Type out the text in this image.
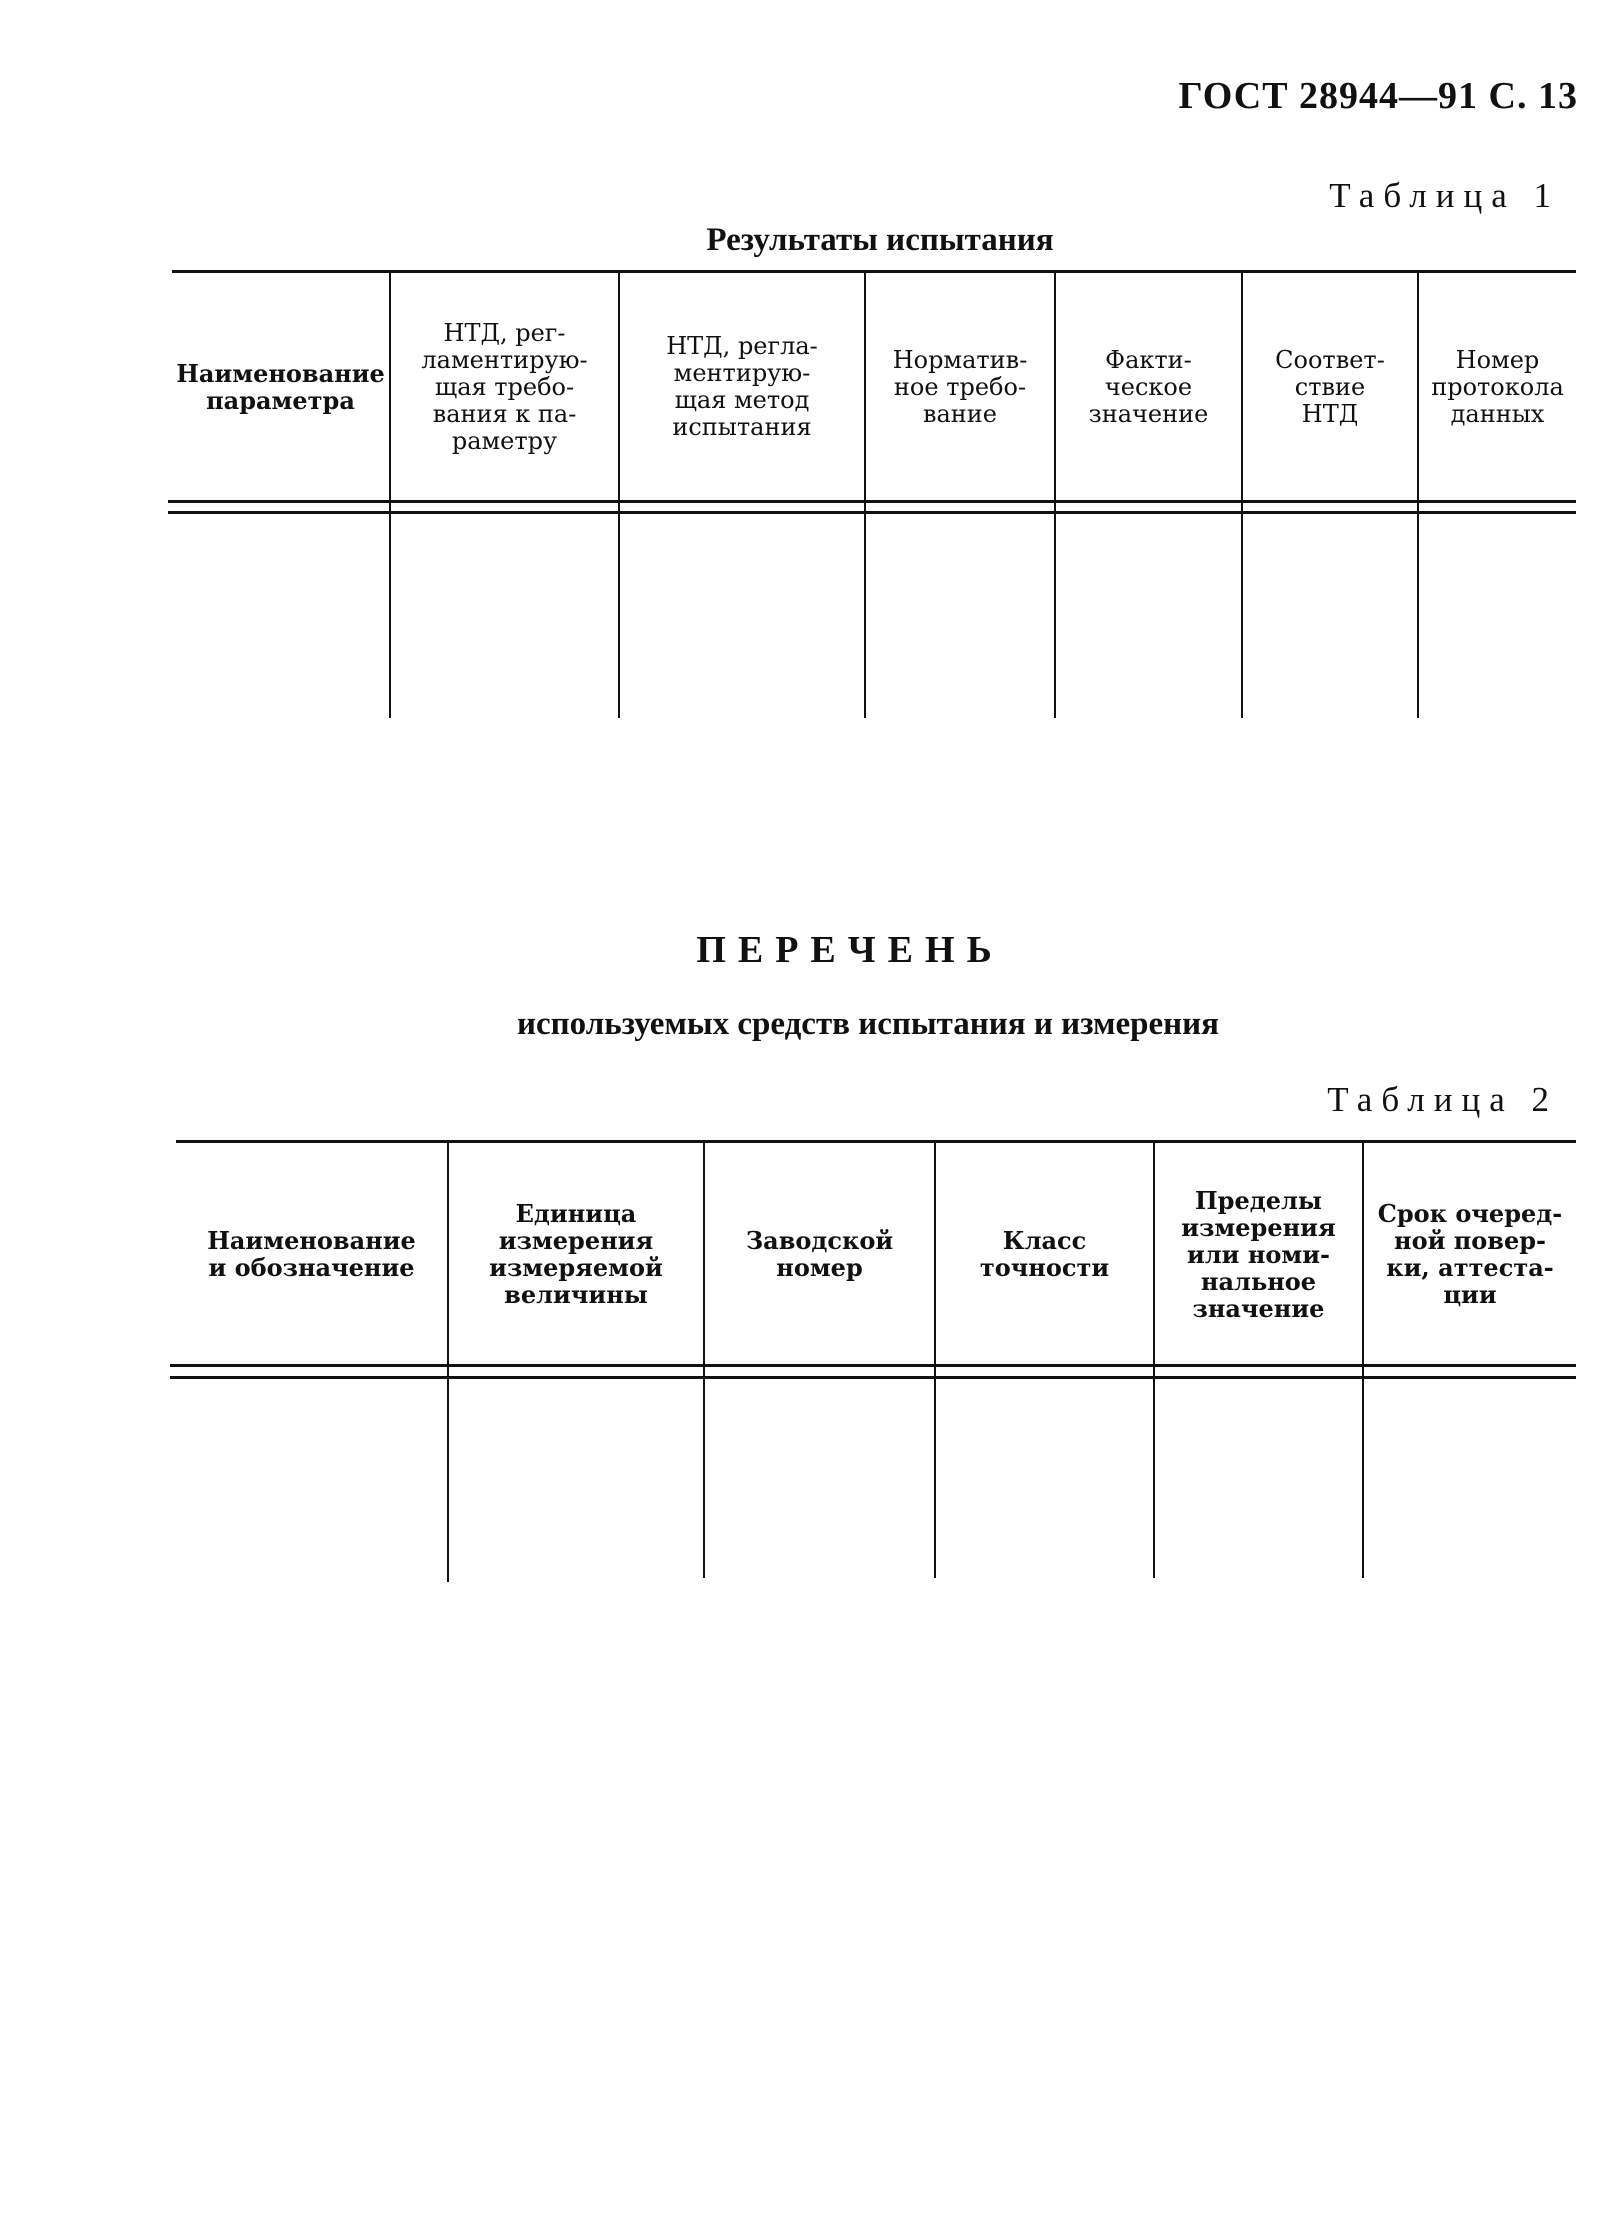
ГОСТ 28944—91 С. 13
Таблица 1
Результаты испытания
Наименование
параметра
НТД, рег-
ламентирую-
щая требо-
вания к па-
раметру
НТД, регла-
ментирую-
щая метод
испытания
Норматив-
ное требо-
вание
Факти-
ческое
значение
Соответ-
ствие
НТД
Номер
протокола
данных
ПЕРЕЧЕНЬ
используемых средств испытания и измерения
Таблица 2
Наименование
и обозначение
Единица
измерения
измеряемой
величины
Заводской
номер
Класс
точности
Пределы
измерения
или номи-
нальное
значение
Срок очеред-
ной повер-
ки, аттеста-
ции
